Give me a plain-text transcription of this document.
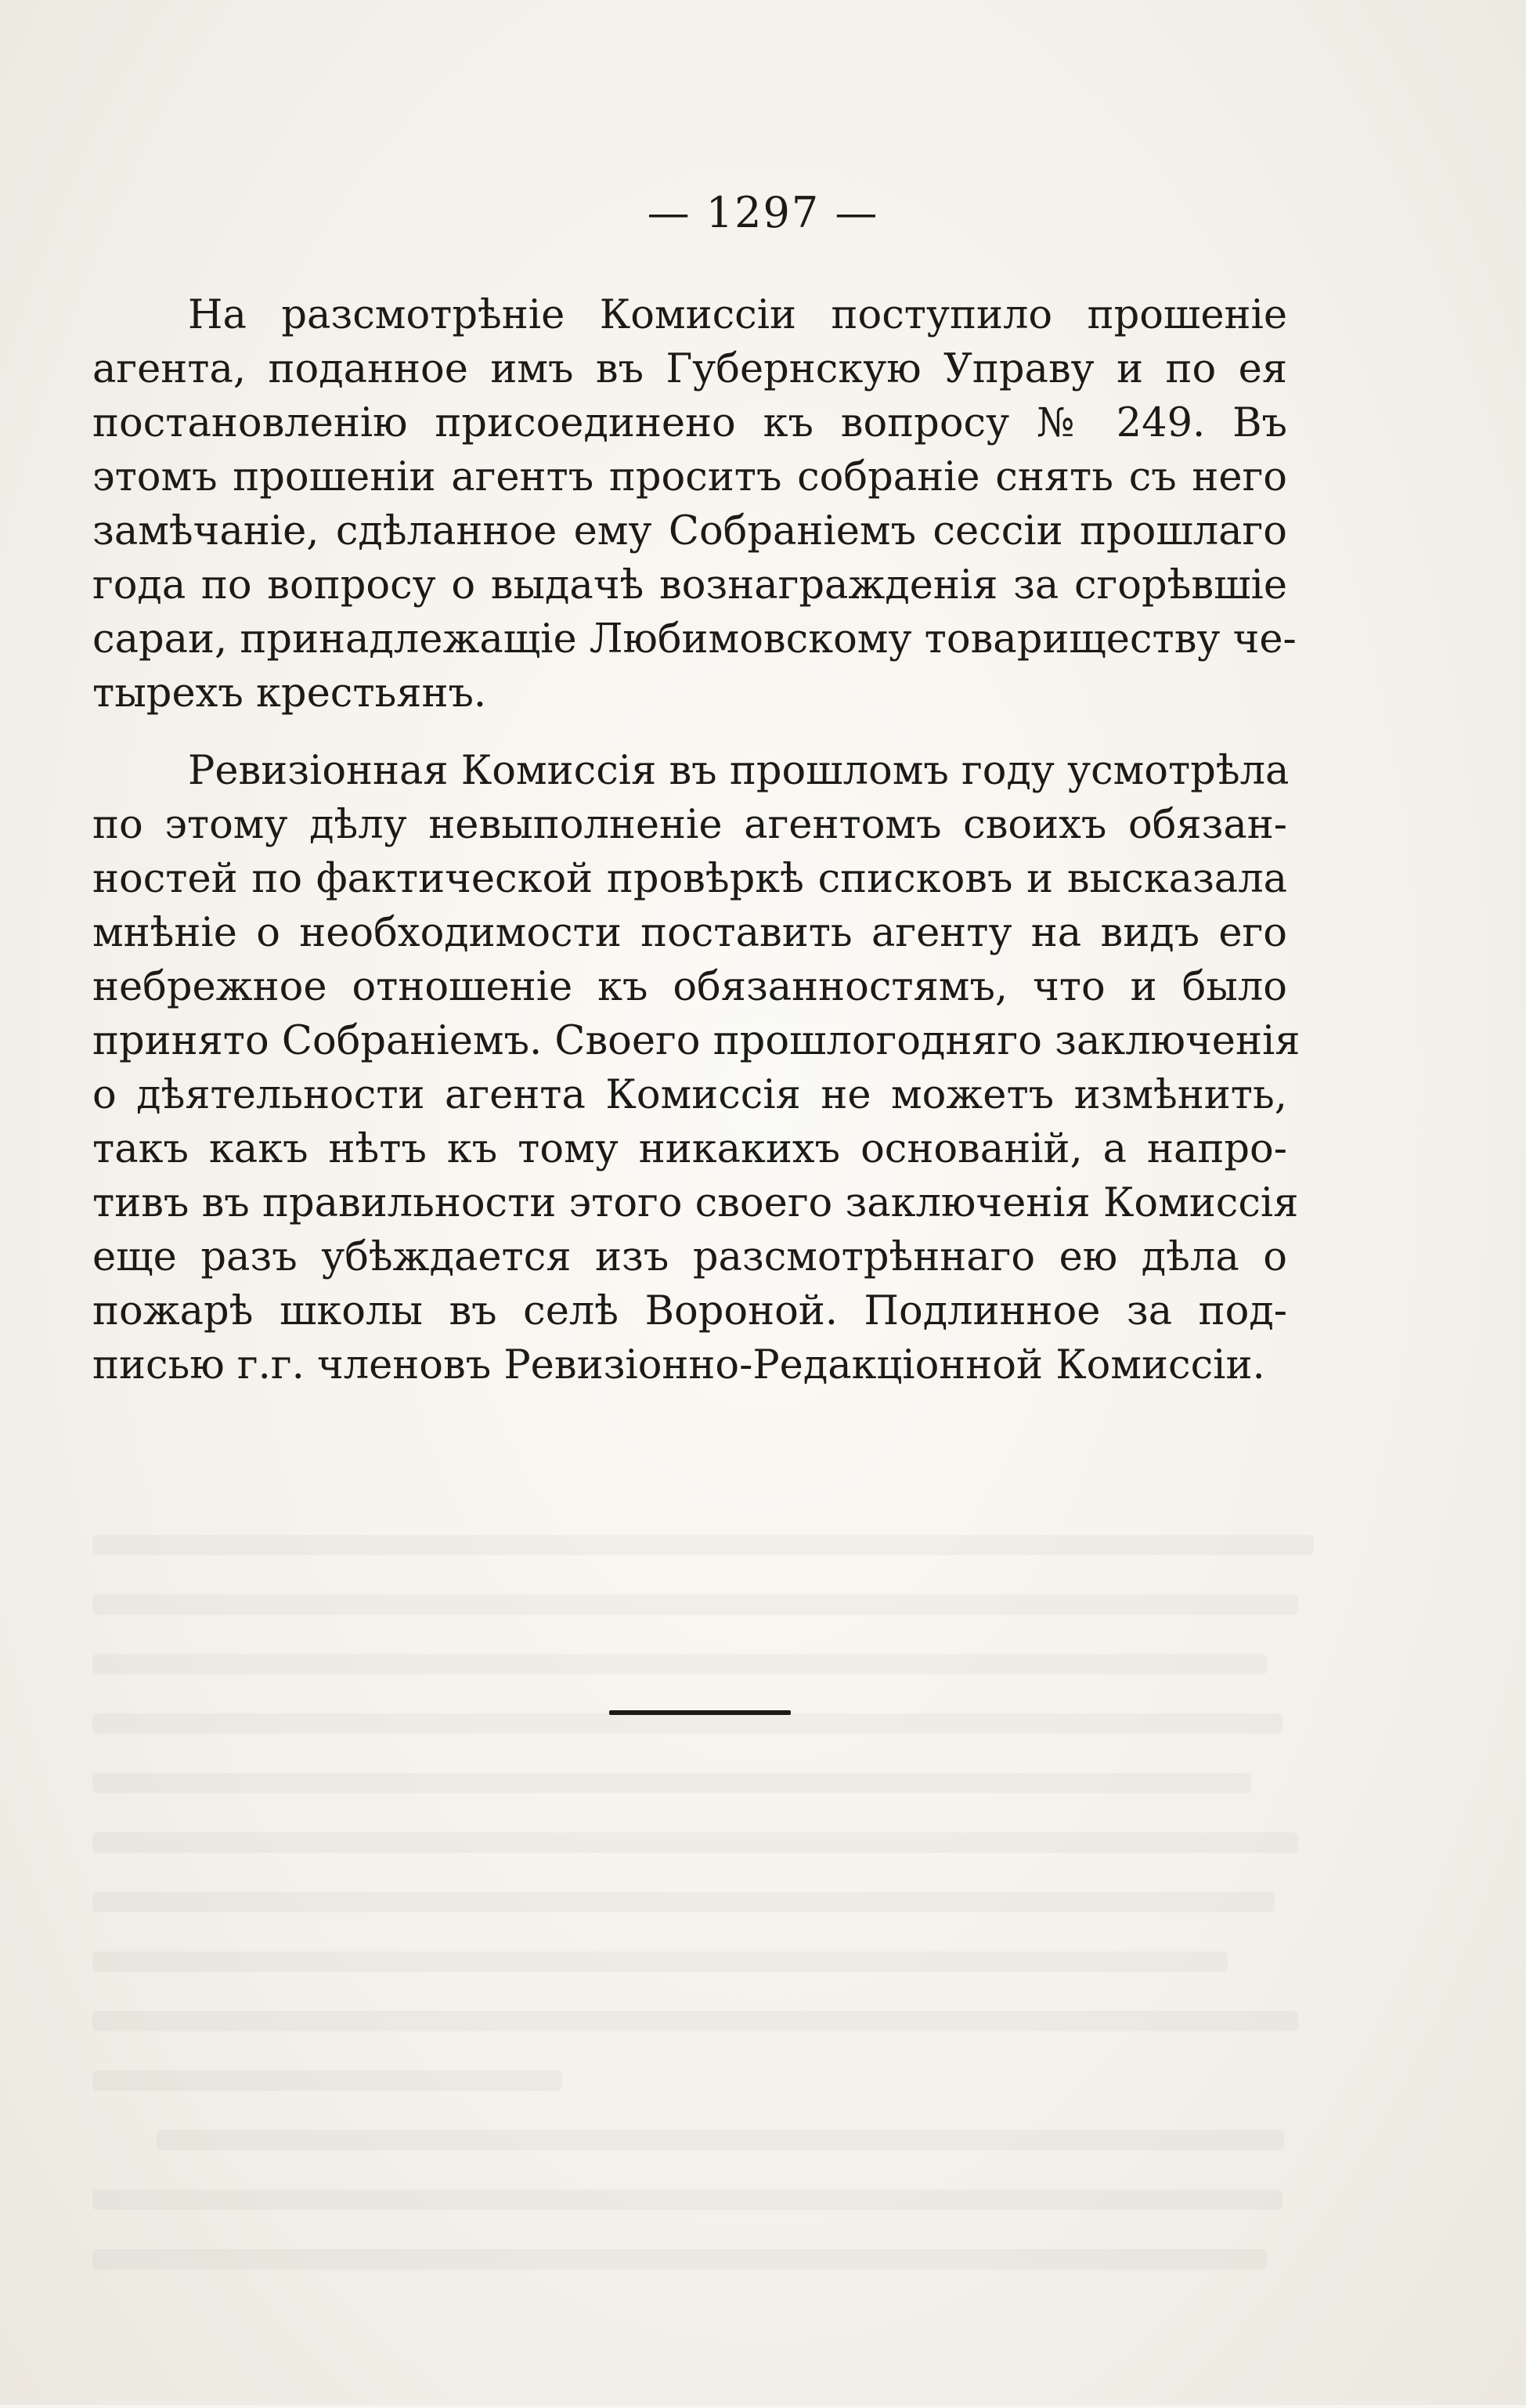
— 1297 —
На разсмотрѣніе Комиссіи поступило прошеніе
агента, поданное имъ въ Губернскую Управу и по ея
постановленію присоединено къ вопросу № 249. Въ
этомъ прошеніи агентъ проситъ собраніе снять съ него
замѣчаніе, сдѣланное ему Собраніемъ сессіи прошлаго
года по вопросу о выдачѣ вознагражденія за сгорѣвшіе
сараи, принадлежащіе Любимовскому товариществу че-
тырехъ крестьянъ.
Ревизіонная Комиссія въ прошломъ году усмотрѣла
по этому дѣлу невыполненіе агентомъ своихъ обязан-
ностей по фактической провѣркѣ списковъ и высказала
мнѣніе о необходимости поставить агенту на видъ его
небрежное отношеніе къ обязанностямъ, что и было
принято Собраніемъ. Своего прошлогодняго заключенія
о дѣятельности агента Комиссія не можетъ измѣнить,
такъ какъ нѣтъ къ тому никакихъ основаній, а напро-
тивъ въ правильности этого своего заключенія Комиссія
еще разъ убѣждается изъ разсмотрѣннаго ею дѣла о
пожарѣ школы въ селѣ Вороной. Подлинное за под-
писью г.г. членовъ Ревизіонно-Редакціонной Комиссіи.
